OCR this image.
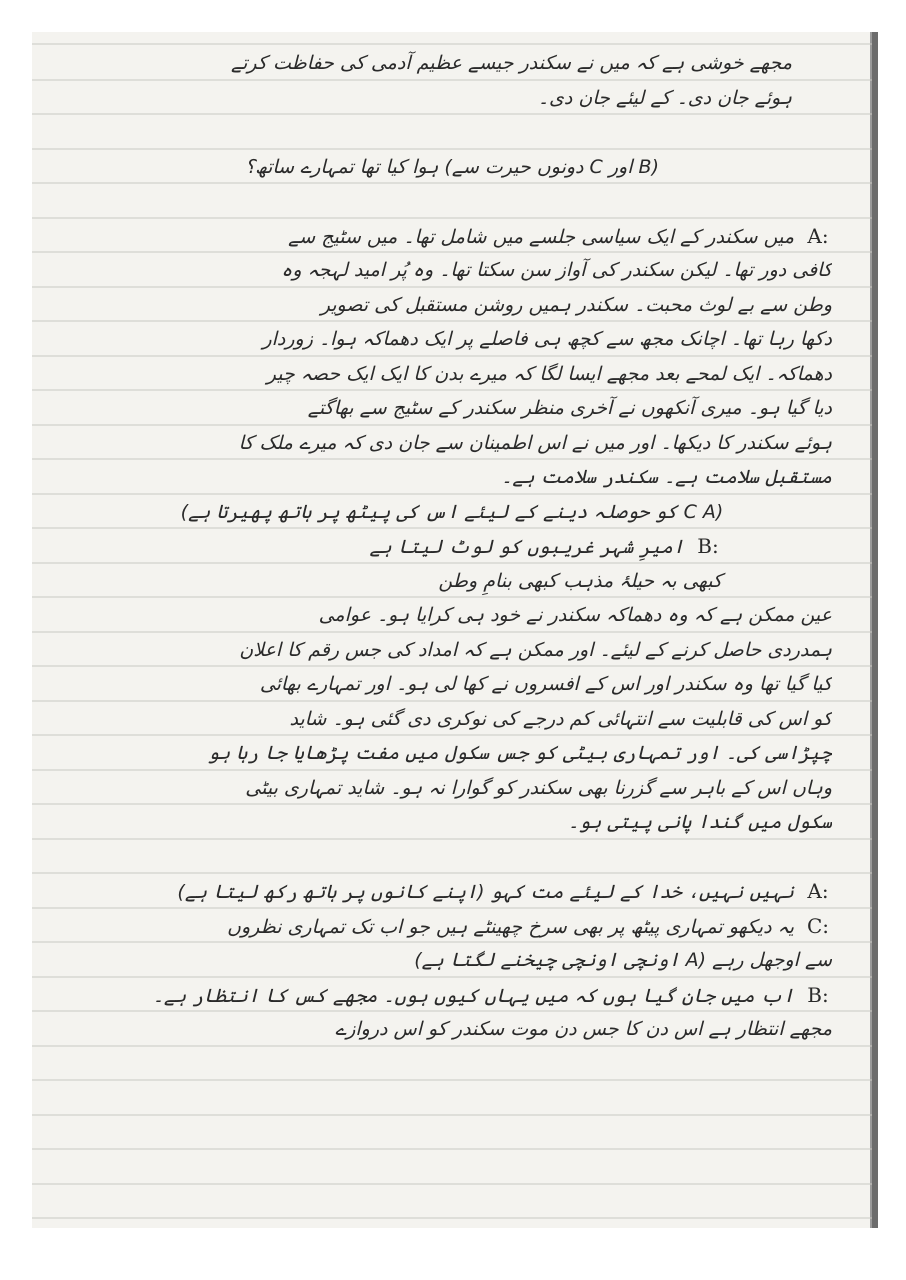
مجھے خوشی ہے کہ میں نے سکندر جیسے عظیم آدمی کی حفاظت کرتے
ہوئے جان دی۔ کے لیئے جان دی۔
(B اور C دونوں حیرت سے) ہوا کیا تھا تمہارے ساتھ؟
A:میں سکندر کے ایک سیاسی جلسے میں شامل تھا۔ میں سٹیج سے
کافی دور تھا۔ لیکن سکندر کی آواز سن سکتا تھا۔ وہ پُر امید لہجہ وہ
وطن سے بے لوث محبت۔ سکندر ہمیں روشن مستقبل کی تصویر
دکھا رہا تھا۔ اچانک مجھ سے کچھ ہی فاصلے پر ایک دھماکہ ہوا۔ زوردار
دھماکہ۔ ایک لمحے بعد مجھے ایسا لگا کہ میرے بدن کا ایک ایک حصہ چیر
دیا گیا ہو۔ میری آنکھوں نے آخری منظر سکندر کے سٹیج سے بھاگتے
ہوئے سکندر کا دیکھا۔ اور میں نے اس اطمینان سے جان دی کہ میرے ملک کا
مستقبل سلامت ہے۔ سکندر سلامت ہے۔
(C A کو حوصلہ دینے کے لیئے اس کی پیٹھ پر ہاتھ پھیرتا ہے)
B:امیرِ شہر غریبوں کو لوٹ لیتا ہے
کبھی بہ حیلۂ مذہب کبھی بنامِ وطن
عین ممکن ہے کہ وہ دھماکہ سکندر نے خود ہی کرایا ہو۔ عوامی
ہمدردی حاصل کرنے کے لیئے۔ اور ممکن ہے کہ امداد کی جس رقم کا اعلان
کیا گیا تھا وہ سکندر اور اس کے افسروں نے کھا لی ہو۔ اور تمہارے بھائی
کو اس کی قابلیت سے انتہائی کم درجے کی نوکری دی گئی ہو۔ شاید
چپڑاسی کی۔ اور تمہاری بیٹی کو جس سکول میں مفت پڑھایا جا رہا ہو
وہاں اس کے باہر سے گزرنا بھی سکندر کو گوارا نہ ہو۔ شاید تمہاری بیٹی
سکول میں گندا پانی پیتی ہو۔
A:نہیں نہیں، خدا کے لیئے مت کہو (اپنے کانوں پر ہاتھ رکھ لیتا ہے)
C:یہ دیکھو تمہاری پیٹھ پر بھی سرخ چھینٹے ہیں جو اب تک تمہاری نظروں
سے اوجھل رہے (A اونچی اونچی چیخنے لگتا ہے)
B:اب میں جان گیا ہوں کہ میں یہاں کیوں ہوں۔ مجھے کس کا انتظار ہے۔
مجھے انتظار ہے اس دن کا جس دن موت سکندر کو اس دروازے
